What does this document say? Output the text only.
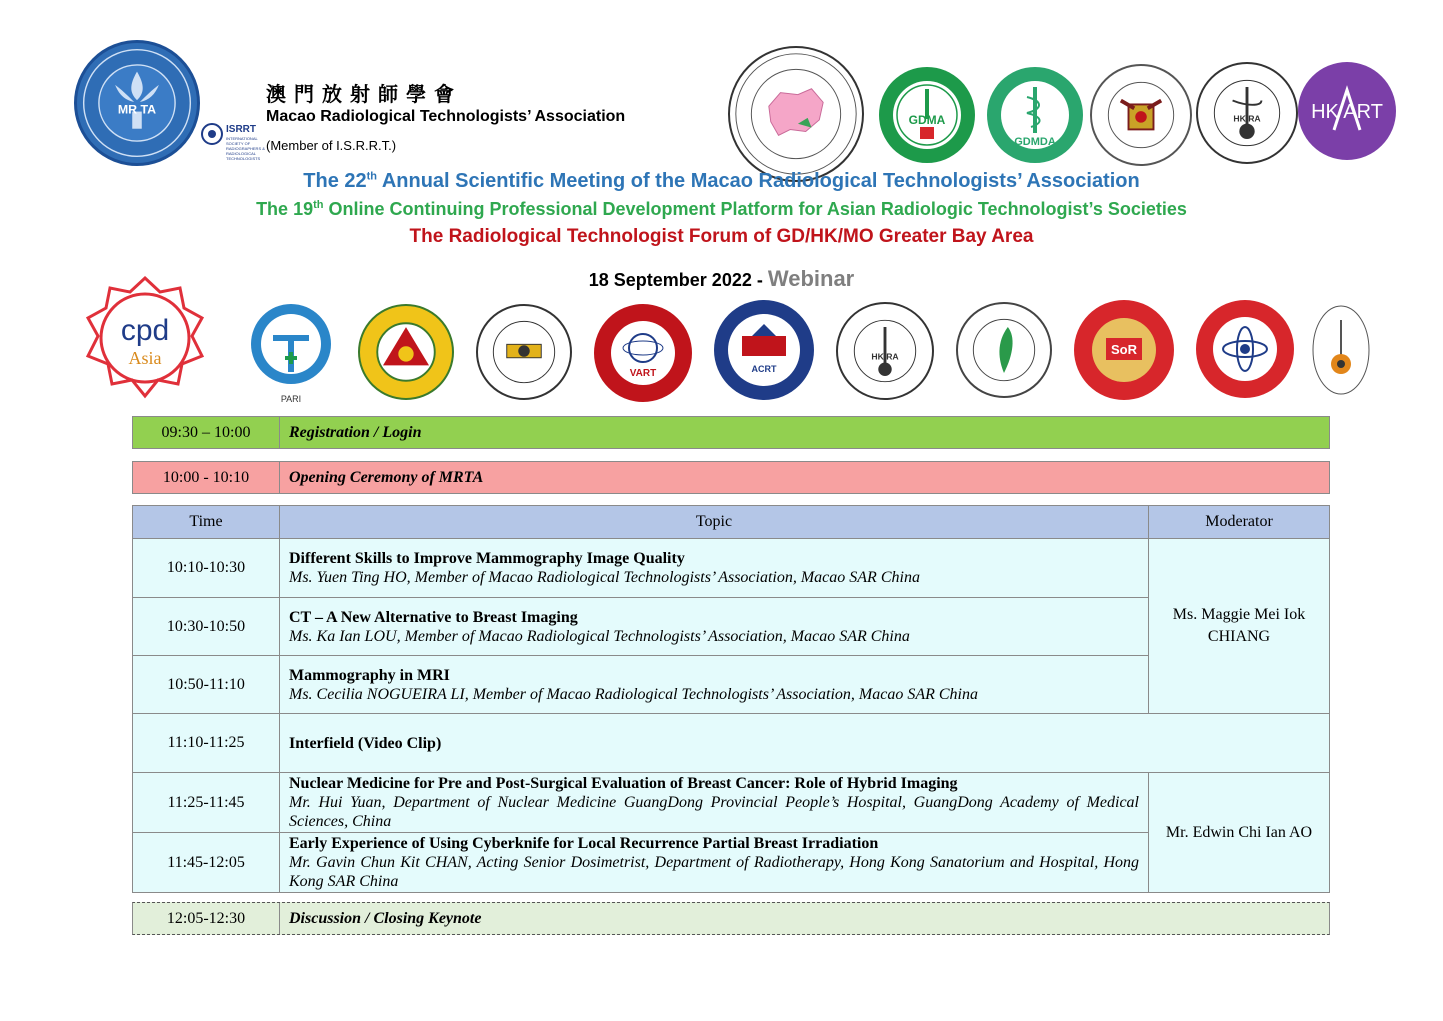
MR TA
ISRRT
INTERNATIONAL SOCIETY OF RADIOGRAPHERS & RADIOLOGICAL TECHNOLOGISTS
澳門放射師學會
Macao Radiological Technologists’ Association
(Member of I.S.R.R.T.)
GDMA
GDMDA
HK RA	HK ART
The 22th Annual Scientific Meeting of the Macao Radiological Technologists’ Association
The 19th Online Continuing Professional Development Platform for Asian Radiologic Technologist’s Societies
The Radiological Technologist Forum of GD/HK/MO Greater Bay Area
18 September 2022 - Webinar
cpd
Asia
PARI
VART	ACRT
HK RA	SoR
09:30 – 10:00	Registration / Login
10:00 - 10:10	Opening Ceremony of MRTA
Time	Topic	Moderator
10:10-10:30	Different Skills to Improve Mammography Image Quality
Ms. Yuen Ting HO, Member of Macao Radiological Technologists’ Association, Macao SAR China	Ms. Maggie Mei Iok CHIANG
10:30-10:50	CT – A New Alternative to Breast Imaging
Ms. Ka Ian LOU, Member of Macao Radiological Technologists’ Association, Macao SAR China	

10:50-11:10	Mammography in MRI
Ms. Cecilia NOGUEIRA LI, Member of Macao Radiological Technologists’ Association, Macao SAR China	

11:10-11:25	Interfield (Video Clip)	

11:25-11:45	Nuclear Medicine for Pre and Post-Surgical Evaluation of Breast Cancer: Role of Hybrid Imaging
Mr. Hui Yuan, Department of Nuclear Medicine GuangDong Provincial People’s Hospital, GuangDong Academy of Medical Sciences, China	Mr. Edwin Chi Ian AO
11:45-12:05	Early Experience of Using Cyberknife for Local Recurrence Partial Breast Irradiation
Mr. Gavin Chun Kit CHAN, Acting Senior Dosimetrist, Department of Radiotherapy, Hong Kong Sanatorium and Hospital, Hong Kong SAR China	
12:05-12:30	Discussion / Closing Keynote
